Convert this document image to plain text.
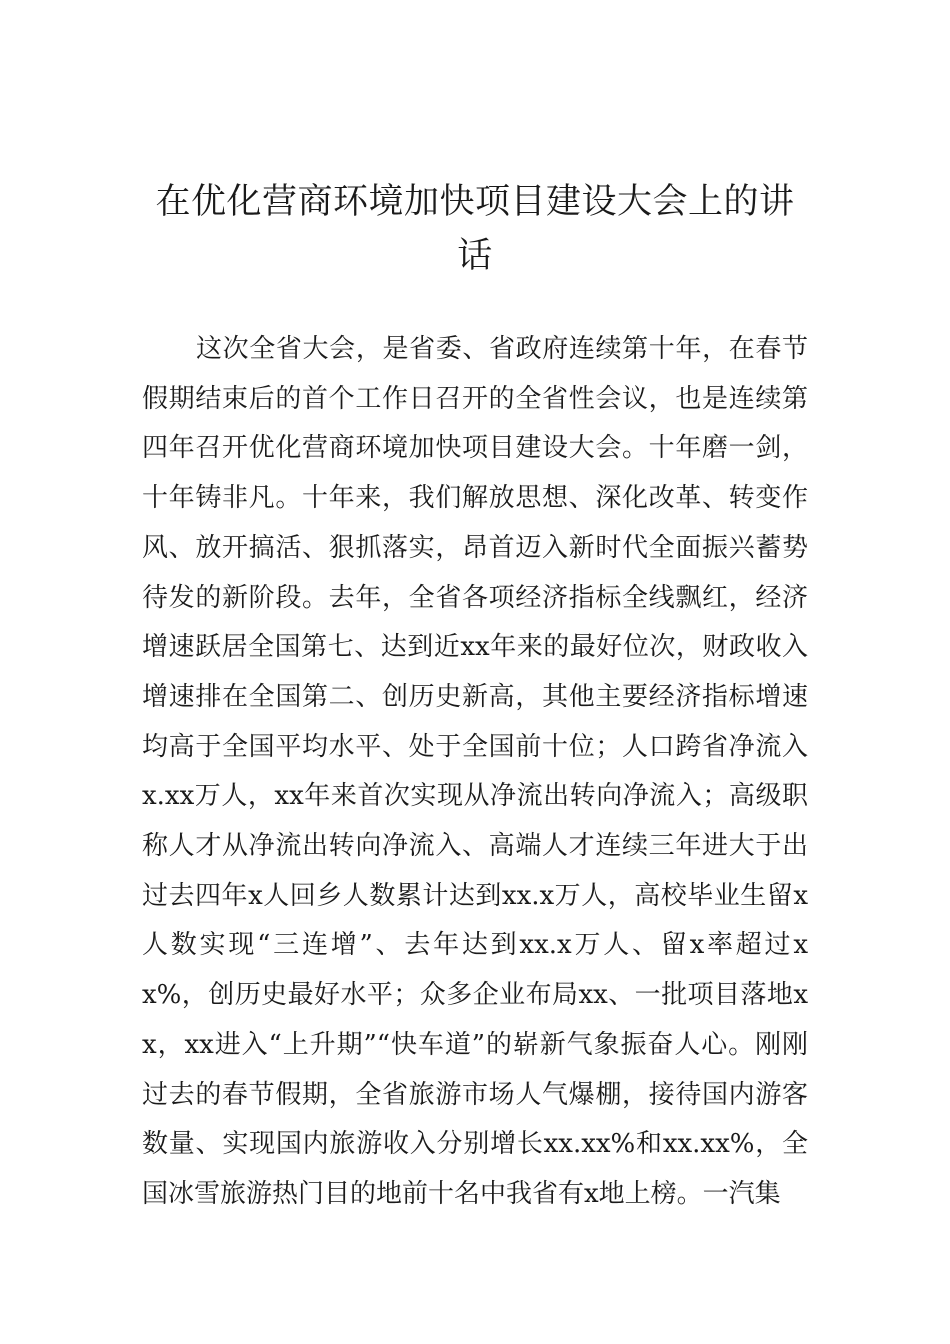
在优化营商环境加快项目建设大会上的讲话

这次全省大会，是省委、省政府连续第十年，在春节假期结束后的首个工作日召开的全省性会议，也是连续第四年召开优化营商环境加快项目建设大会。十年磨一剑，十年铸非凡。十年来，我们解放思想、深化改革、转变作风、放开搞活、狠抓落实，昂首迈入新时代全面振兴蓄势待发的新阶段。去年，全省各项经济指标全线飘红，经济增速跃居全国第七、达到近xx年来的最好位次，财政收入增速排在全国第二、创历史新高，其他主要经济指标增速均高于全国平均水平、处于全国前十位；人口跨省净流入x.xx万人，xx年来首次实现从净流出转向净流入；高级职称人才从净流出转向净流入、高端人才连续三年进大于出过去四年x人回乡人数累计达到xx.x万人，高校毕业生留x人数实现“三连增”、去年达到xx.x万人、留x率超过xx%，创历史最好水平；众多企业布局xx、一批项目落地xx，xx进入“上升期”“快车道”的崭新气象振奋人心。刚刚过去的春节假期，全省旅游市场人气爆棚，接待国内游客数量、实现国内旅游收入分别增长xx.xx%和xx.xx%，全国冰雪旅游热门目的地前十名中我省有x地上榜。一汽集
